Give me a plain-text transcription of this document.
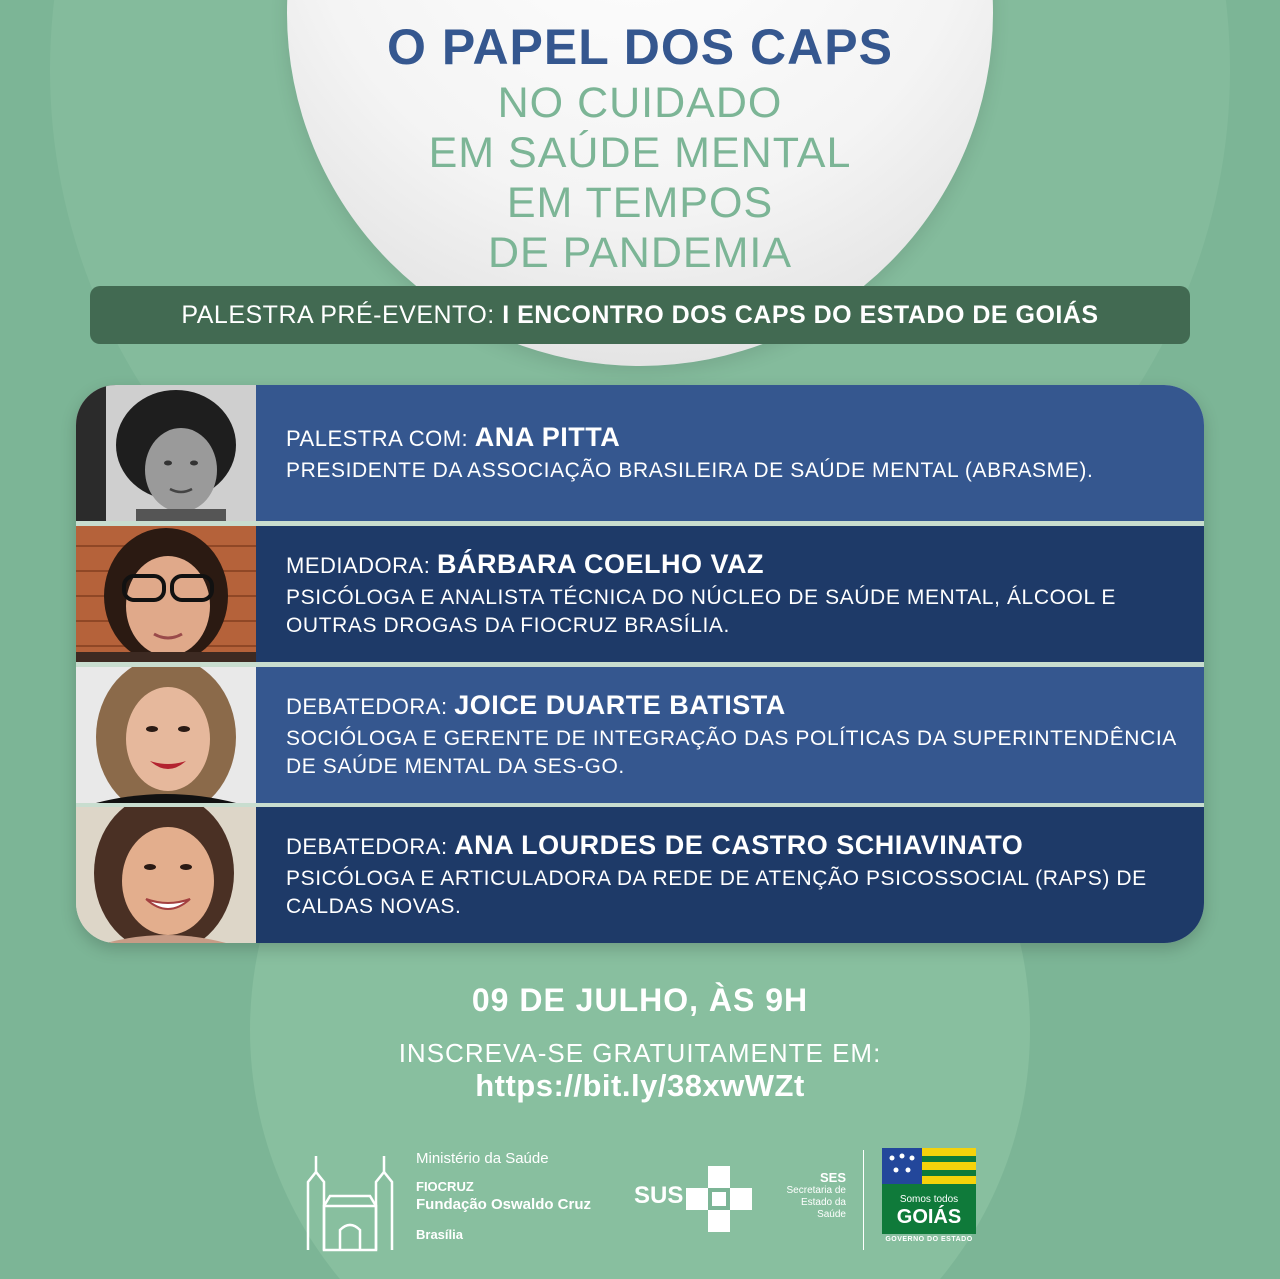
O PAPEL DOS CAPS
NO CUIDADO
EM SAÚDE MENTAL
EM TEMPOS
DE PANDEMIA
PALESTRA PRÉ-EVENTO: I ENCONTRO DOS CAPS DO ESTADO DE GOIÁS
PALESTRA COM: ANA PITTA
PRESIDENTE DA ASSOCIAÇÃO BRASILEIRA DE SAÚDE MENTAL (ABRASME).
MEDIADORA: BÁRBARA COELHO VAZ
PSICÓLOGA E ANALISTA TÉCNICA DO NÚCLEO DE SAÚDE MENTAL, ÁLCOOL E OUTRAS DROGAS DA FIOCRUZ BRASÍLIA.
DEBATEDORA: JOICE DUARTE BATISTA
SOCIÓLOGA E GERENTE DE INTEGRAÇÃO DAS POLÍTICAS DA SUPERINTENDÊNCIA DE SAÚDE MENTAL DA SES-GO.
DEBATEDORA: ANA LOURDES DE CASTRO SCHIAVINATO
PSICÓLOGA E ARTICULADORA DA REDE DE ATENÇÃO PSICOSSOCIAL (RAPS) DE CALDAS NOVAS.
09 DE JULHO, ÀS 9H
INSCREVA-SE GRATUITAMENTE EM:
https://bit.ly/38xwWZt
Ministério da Saúde
FIOCRUZ
Fundação Oswaldo Cruz
Brasília
SUS
SES
Secretaria de Estado da Saúde
Somos todos
GOIÁS
GOVERNO DO ESTADO
